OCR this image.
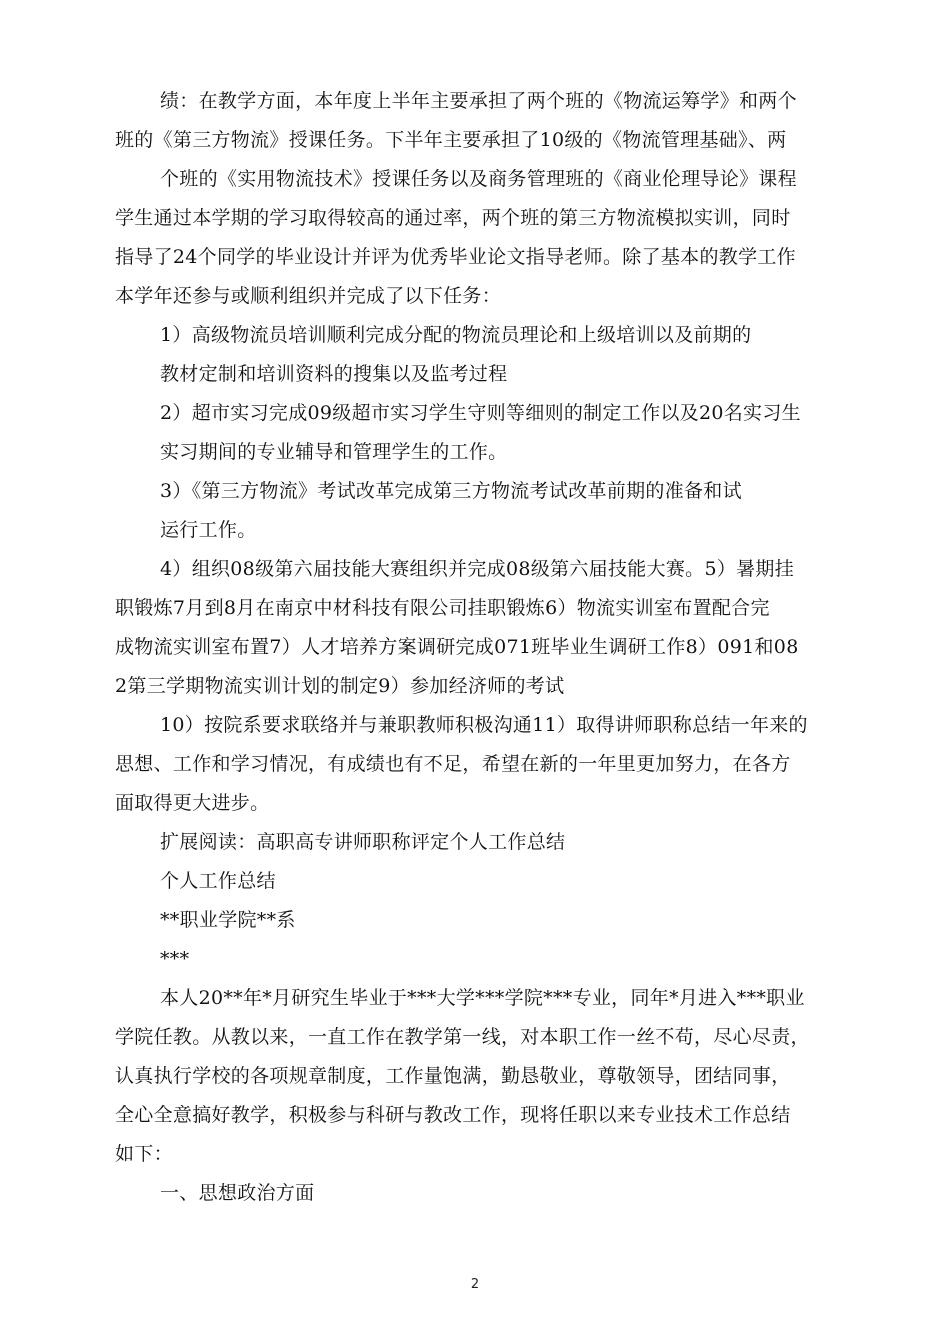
绩：在教学方面，本年度上半年主要承担了两个班的《物流运筹学》和两个
班的《第三方物流》授课任务。下半年主要承担了10级的《物流管理基础》、两
个班的《实用物流技术》授课任务以及商务管理班的《商业伦理导论》课程
学生通过本学期的学习取得较高的通过率，两个班的第三方物流模拟实训，同时
指导了24个同学的毕业设计并评为优秀毕业论文指导老师。除了基本的教学工作
本学年还参与或顺利组织并完成了以下任务：
1）高级物流员培训顺利完成分配的物流员理论和上级培训以及前期的
教材定制和培训资料的搜集以及监考过程
2）超市实习完成09级超市实习学生守则等细则的制定工作以及20名实习生
实习期间的专业辅导和管理学生的工作。
3）《第三方物流》考试改革完成第三方物流考试改革前期的准备和试
运行工作。
4）组织08级第六届技能大赛组织并完成08级第六届技能大赛。5）暑期挂
职锻炼7月到8月在南京中材科技有限公司挂职锻炼6）物流实训室布置配合完
成物流实训室布置7）人才培养方案调研完成071班毕业生调研工作8）091和08
2第三学期物流实训计划的制定9）参加经济师的考试
10）按院系要求联络并与兼职教师积极沟通11）取得讲师职称总结一年来的
思想、工作和学习情况，有成绩也有不足，希望在新的一年里更加努力，在各方
面取得更大进步。
扩展阅读：高职高专讲师职称评定个人工作总结
个人工作总结
**职业学院**系
***
本人20**年*月研究生毕业于***大学***学院***专业，同年*月进入***职业
学院任教。从教以来，一直工作在教学第一线，对本职工作一丝不苟，尽心尽责，
认真执行学校的各项规章制度，工作量饱满，勤恳敬业，尊敬领导，团结同事，
全心全意搞好教学，积极参与科研与教改工作，现将任职以来专业技术工作总结
如下：
一、思想政治方面
2
